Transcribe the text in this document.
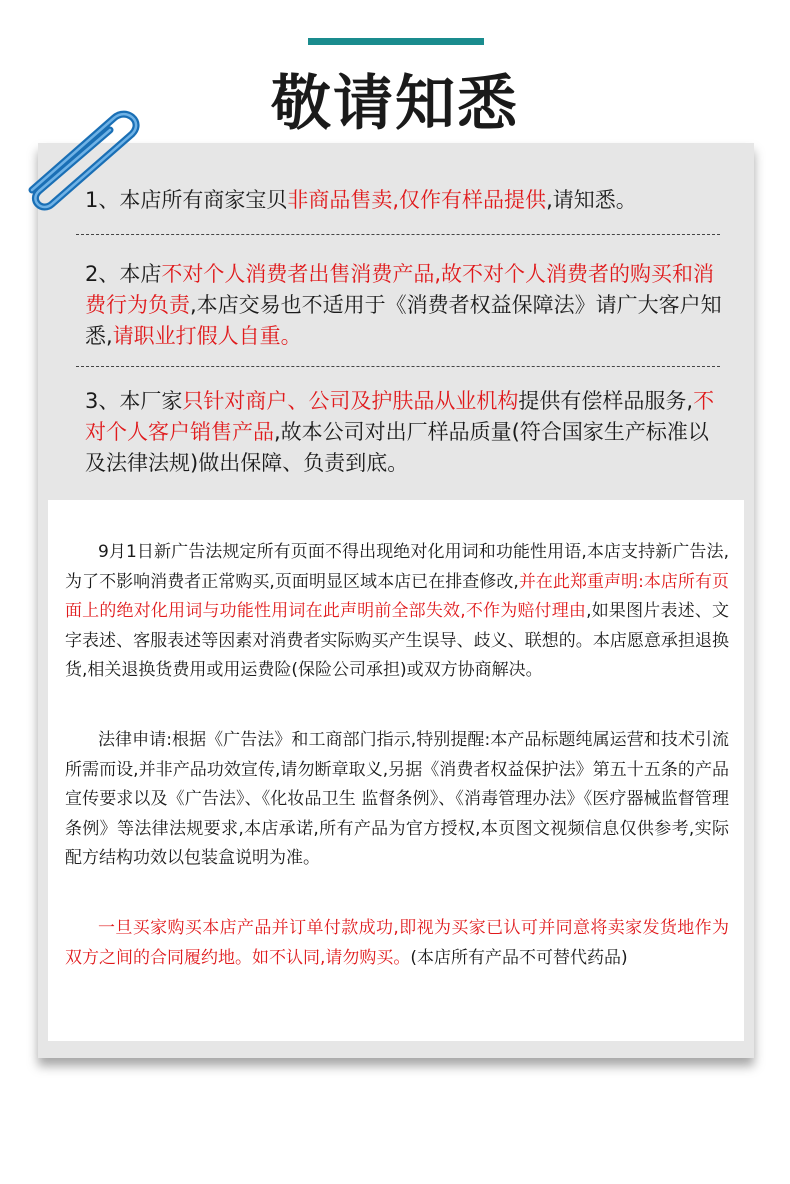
敬请知悉
1、本店所有商家宝贝非商品售卖,仅作有样品提供,请知悉。
2、本店不对个人消费者出售消费产品,故不对个人消费者的购买和消费行为负责,本店交易也不适用于《消费者权益保障法》请广大客户知悉,请职业打假人自重。
3、本厂家只针对商户、公司及护肤品从业机构提供有偿样品服务,不对个人客户销售产品,故本公司对出厂样品质量(符合国家生产标准以及法律法规)做出保障、负责到底。

9月1日新广告法规定所有页面不得出现绝对化用词和功能性用语,本店支持新广告法,为了不影响消费者正常购买,页面明显区域本店已在排查修改,并在此郑重声明:本店所有页面上的绝对化用词与功能性用词在此声明前全部失效,不作为赔付理由,如果图片表述、文字表述、客服表述等因素对消费者实际购买产生误导、歧义、联想的。本店愿意承担退换货,相关退换货费用或用运费险(保险公司承担)或双方协商解决。

法律申请:根据《广告法》和工商部门指示,特别提醒:本产品标题纯属运营和技术引流所需而设,并非产品功效宣传,请勿断章取义,另据《消费者权益保护法》第五十五条的产品宣传要求以及《广告法》、《化妆品卫生 监督条例》、《消毒管理办法》《医疗器械监督管理条例》等法律法规要求,本店承诺,所有产品为官方授权,本页图文视频信息仅供参考,实际配方结构功效以包装盒说明为准。

一旦买家购买本店产品并订单付款成功,即视为买家已认可并同意将卖家发货地作为双方之间的合同履约地。如不认同,请勿购买。(本店所有产品不可替代药品)
